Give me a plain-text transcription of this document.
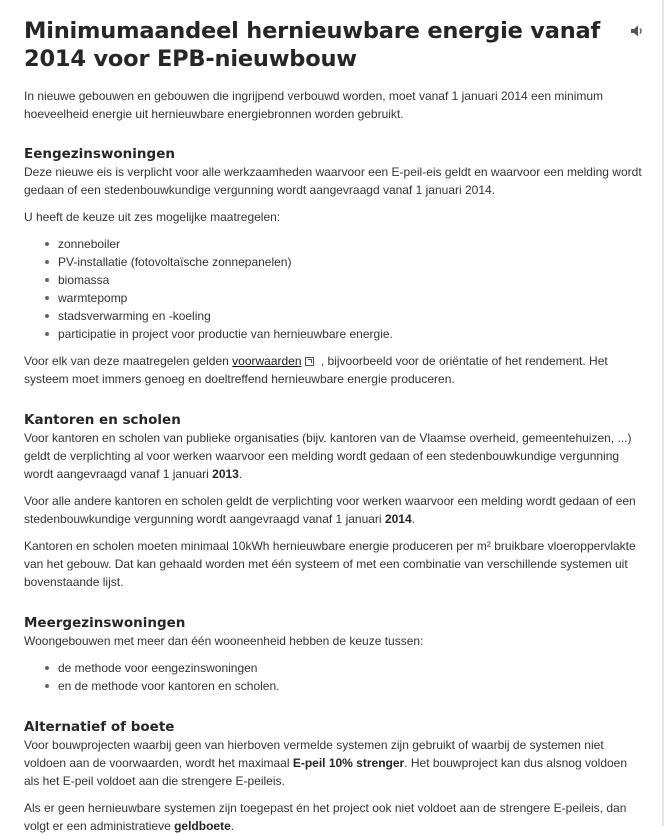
Minimumaandeel hernieuwbare energie vanaf 2014 voor EPB-nieuwbouw

In nieuwe gebouwen en gebouwen die ingrijpend verbouwd worden, moet vanaf 1 januari 2014 een minimum hoeveelheid energie uit hernieuwbare energiebronnen worden gebruikt.

Eengezinswoningen

Deze nieuwe eis is verplicht voor alle werkzaamheden waarvoor een E-peil-eis geldt en waarvoor een melding wordt gedaan of een stedenbouwkundige vergunning wordt aangevraagd vanaf 1 januari 2014.

U heeft de keuze uit zes mogelijke maatregelen:

zonneboiler
PV-installatie (fotovoltaïsche zonnepanelen)
biomassa
warmtepomp
stadsverwarming en -koeling
participatie in project voor productie van hernieuwbare energie.

Voor elk van deze maatregelen gelden voorwaarden , bijvoorbeeld voor de oriëntatie of het rendement. Het systeem moet immers genoeg en doeltreffend hernieuwbare energie produceren.

Kantoren en scholen

Voor kantoren en scholen van publieke organisaties (bijv. kantoren van de Vlaamse overheid, gemeentehuizen, ...) geldt de verplichting al voor werken waarvoor een melding wordt gedaan of een stedenbouwkundige vergunning wordt aangevraagd vanaf 1 januari 2013.

Voor alle andere kantoren en scholen geldt de verplichting voor werken waarvoor een melding wordt gedaan of een stedenbouwkundige vergunning wordt aangevraagd vanaf 1 januari 2014.

Kantoren en scholen moeten minimaal 10kWh hernieuwbare energie produceren per m² bruikbare vloeroppervlakte van het gebouw. Dat kan gehaald worden met één systeem of met een combinatie van verschillende systemen uit bovenstaande lijst.

Meergezinswoningen

Woongebouwen met meer dan één wooneenheid hebben de keuze tussen:

de methode voor eengezinswoningen
en de methode voor kantoren en scholen.
Alternatief of boete

Voor bouwprojecten waarbij geen van hierboven vermelde systemen zijn gebruikt of waarbij de systemen niet voldoen aan de voorwaarden, wordt het maximaal E-peil 10% strenger. Het bouwproject kan dus alsnog voldoen als het E-peil voldoet aan die strengere E-peileis.

Als er geen hernieuwbare systemen zijn toegepast én het project ook niet voldoet aan de strengere E-peileis, dan volgt er een administratieve geldboete.
